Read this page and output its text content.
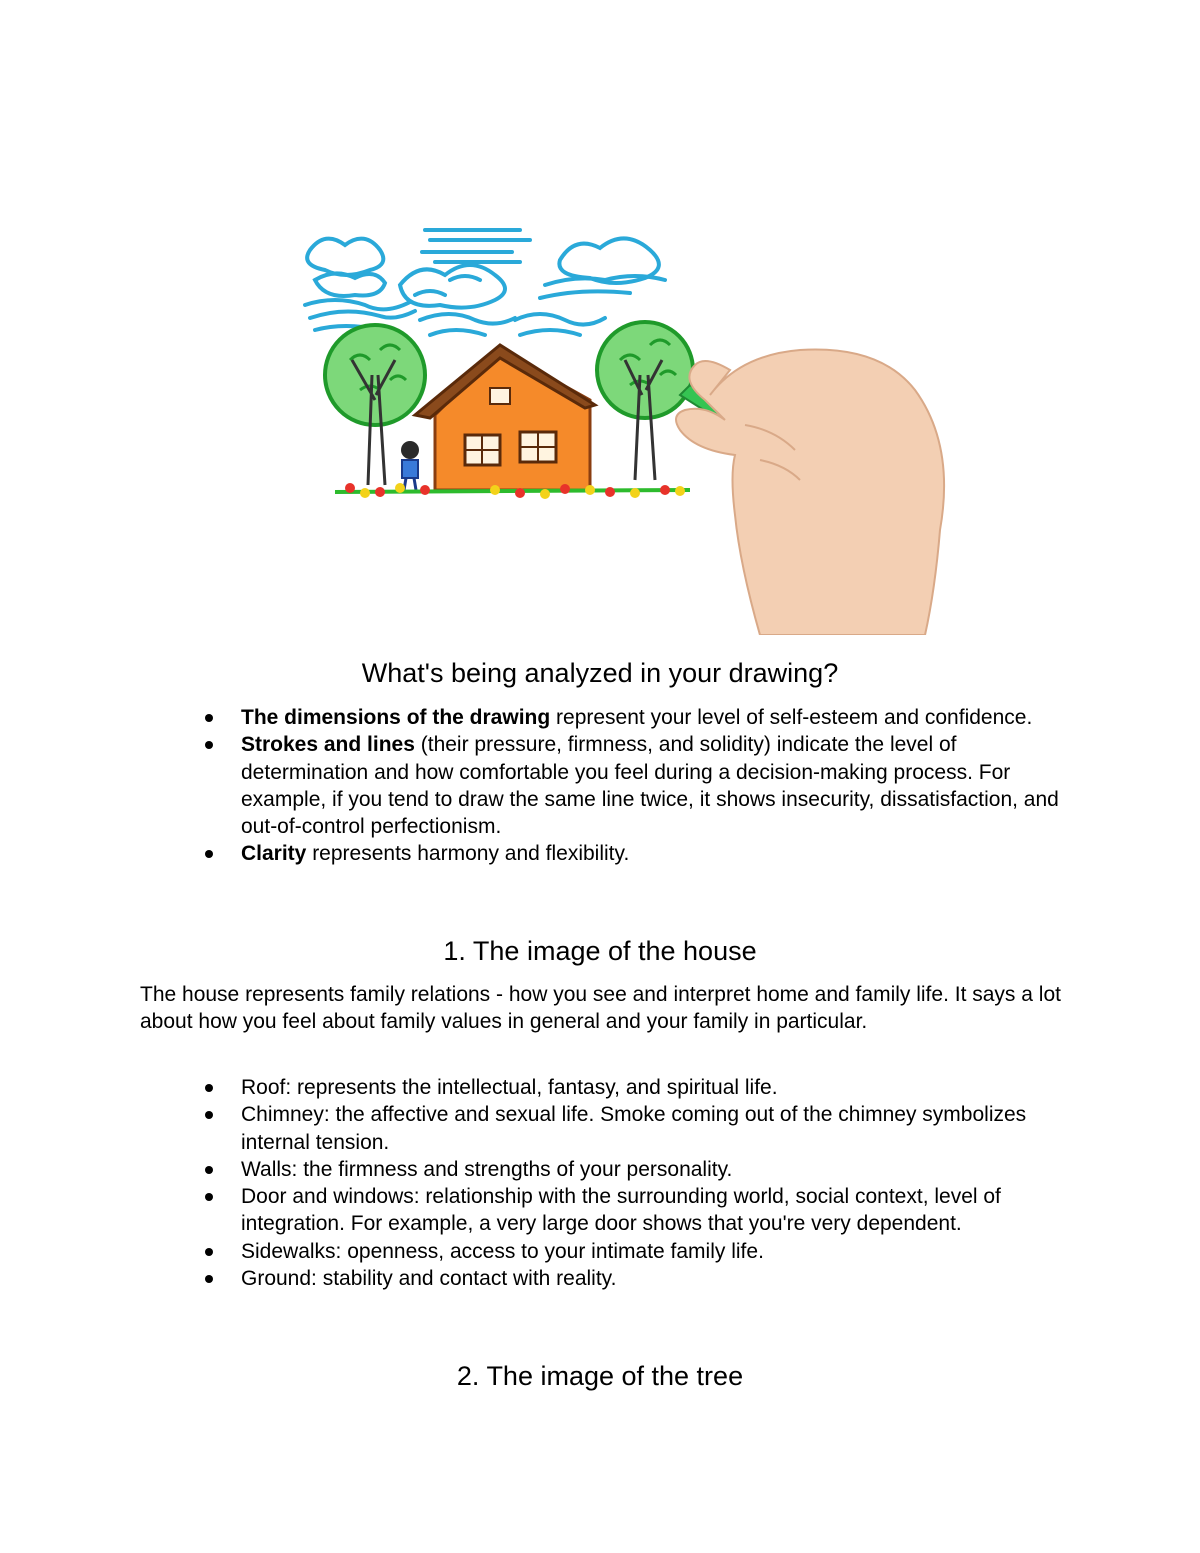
What's being analyzed in your drawing?
The dimensions of the drawing represent your level of self-esteem and confidence.
Strokes and lines (their pressure, firmness, and solidity) indicate the level of determination and how comfortable you feel during a decision-making process. For example, if you tend to draw the same line twice, it shows insecurity, dissatisfaction, and out-of-control perfectionism.
Clarity represents harmony and flexibility.
1. The image of the house

The house represents family relations - how you see and interpret home and family life. It says a lot about how you feel about family values in general and your family in particular.

Roof: represents the intellectual, fantasy, and spiritual life.
Chimney: the affective and sexual life. Smoke coming out of the chimney symbolizes internal tension.
Walls: the firmness and strengths of your personality.
Door and windows: relationship with the surrounding world, social context, level of integration. For example, a very large door shows that you're very dependent.
Sidewalks: openness, access to your intimate family life.
Ground: stability and contact with reality.
2. The image of the tree
